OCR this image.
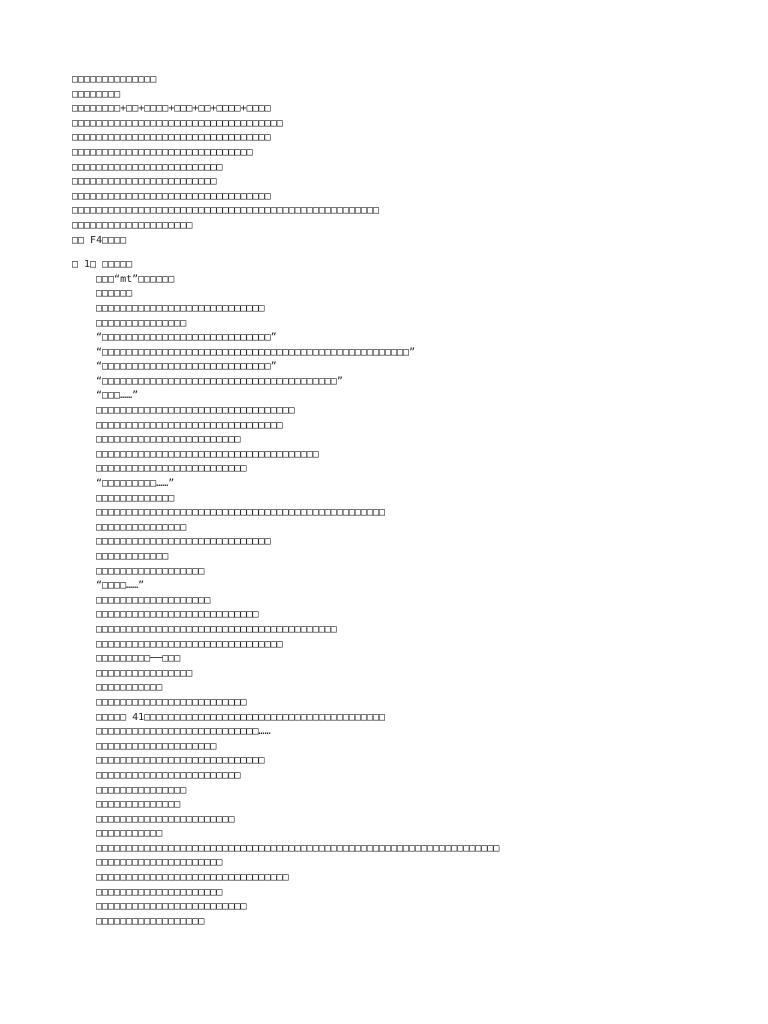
□□□□□□□□□□□□□□
□□□□□□□□
□□□□□□□□+□□+□□□□+□□□+□□+□□□□+□□□□
□□□□□□□□□□□□□□□□□□□□□□□□□□□□□□□□□□□
□□□□□□□□□□□□□□□□□□□□□□□□□□□□□□□□□
□□□□□□□□□□□□□□□□□□□□□□□□□□□□□□
□□□□□□□□□□□□□□□□□□□□□□□□□
□□□□□□□□□□□□□□□□□□□□□□□□
□□□□□□□□□□□□□□□□□□□□□□□□□□□□□□□□□
□□□□□□□□□□□□□□□□□□□□□□□□□□□□□□□□□□□□□□□□□□□□□□□□□□□
□□□□□□□□□□□□□□□□□□□□
□□ F4□□□□
□ 1□ □□□□□
□□□“mt”□□□□□□
□□□□□□
□□□□□□□□□□□□□□□□□□□□□□□□□□□□
□□□□□□□□□□□□□□□
“□□□□□□□□□□□□□□□□□□□□□□□□□□□□”
“□□□□□□□□□□□□□□□□□□□□□□□□□□□□□□□□□□□□□□□□□□□□□□□□□□□”
“□□□□□□□□□□□□□□□□□□□□□□□□□□□□”
“□□□□□□□□□□□□□□□□□□□□□□□□□□□□□□□□□□□□□□□”
“□□□……”
□□□□□□□□□□□□□□□□□□□□□□□□□□□□□□□□□
□□□□□□□□□□□□□□□□□□□□□□□□□□□□□□□
□□□□□□□□□□□□□□□□□□□□□□□□
□□□□□□□□□□□□□□□□□□□□□□□□□□□□□□□□□□□□□
□□□□□□□□□□□□□□□□□□□□□□□□□
“□□□□□□□□□……”
□□□□□□□□□□□□□
□□□□□□□□□□□□□□□□□□□□□□□□□□□□□□□□□□□□□□□□□□□□□□□□
□□□□□□□□□□□□□□□
□□□□□□□□□□□□□□□□□□□□□□□□□□□□□
□□□□□□□□□□□□
□□□□□□□□□□□□□□□□□□
“□□□□……”
□□□□□□□□□□□□□□□□□□□
□□□□□□□□□□□□□□□□□□□□□□□□□□□
□□□□□□□□□□□□□□□□□□□□□□□□□□□□□□□□□□□□□□□□
□□□□□□□□□□□□□□□□□□□□□□□□□□□□□□□
□□□□□□□□□──□□□
□□□□□□□□□□□□□□□□
□□□□□□□□□□□
□□□□□□□□□□□□□□□□□□□□□□□□□
□□□□□ 41□□□□□□□□□□□□□□□□□□□□□□□□□□□□□□□□□□□□□□□□
□□□□□□□□□□□□□□□□□□□□□□□□□□□……
□□□□□□□□□□□□□□□□□□□□
□□□□□□□□□□□□□□□□□□□□□□□□□□□□
□□□□□□□□□□□□□□□□□□□□□□□□
□□□□□□□□□□□□□□□
□□□□□□□□□□□□□□
□□□□□□□□□□□□□□□□□□□□□□□
□□□□□□□□□□□
□□□□□□□□□□□□□□□□□□□□□□□□□□□□□□□□□□□□□□□□□□□□□□□□□□□□□□□□□□□□□□□□□□□
□□□□□□□□□□□□□□□□□□□□□
□□□□□□□□□□□□□□□□□□□□□□□□□□□□□□□□
□□□□□□□□□□□□□□□□□□□□□
□□□□□□□□□□□□□□□□□□□□□□□□□
□□□□□□□□□□□□□□□□□□
